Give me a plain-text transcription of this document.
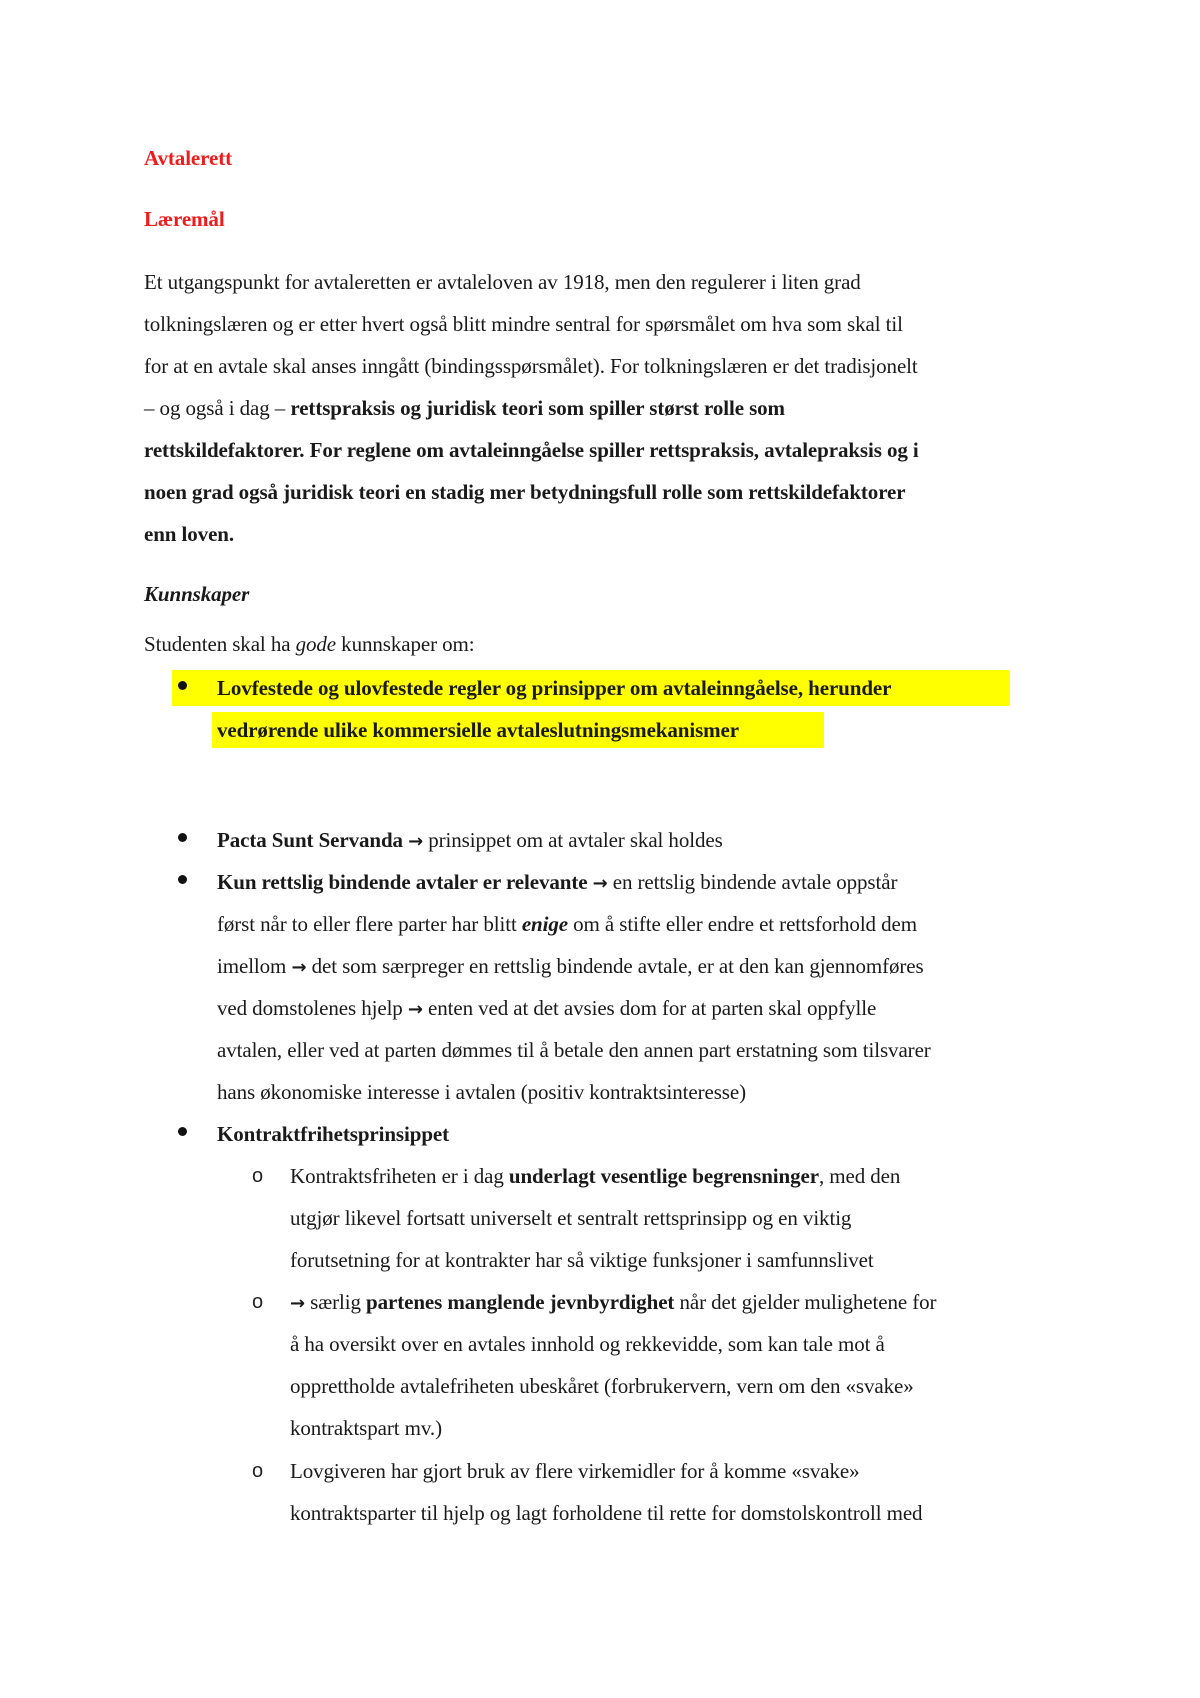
Avtalerett
Læremål
Et utgangspunkt for avtaleretten er avtaleloven av 1918, men den regulerer i liten grad
tolkningslæren og er etter hvert også blitt mindre sentral for spørsmålet om hva som skal til
for at en avtale skal anses inngått (bindingsspørsmålet). For tolkningslæren er det tradisjonelt
– og også i dag – rettspraksis og juridisk teori som spiller størst rolle som
rettskildefaktorer. For reglene om avtaleinngåelse spiller rettspraksis, avtalepraksis og i
noen grad også juridisk teori en stadig mer betydningsfull rolle som rettskildefaktorer
enn loven.
Kunnskaper
Studenten skal ha gode kunnskaper om:
Lovfestede og ulovfestede regler og prinsipper om avtaleinngåelse, herunder
vedrørende ulike kommersielle avtaleslutningsmekanismer
Pacta Sunt Servanda → prinsippet om at avtaler skal holdes
Kun rettslig bindende avtaler er relevante → en rettslig bindende avtale oppstår
først når to eller flere parter har blitt enige om å stifte eller endre et rettsforhold dem
imellom → det som særpreger en rettslig bindende avtale, er at den kan gjennomføres
ved domstolenes hjelp → enten ved at det avsies dom for at parten skal oppfylle
avtalen, eller ved at parten dømmes til å betale den annen part erstatning som tilsvarer
hans økonomiske interesse i avtalen (positiv kontraktsinteresse)
Kontraktfrihetsprinsippet
o Kontraktsfriheten er i dag underlagt vesentlige begrensninger, med den
utgjør likevel fortsatt universelt et sentralt rettsprinsipp og en viktig
forutsetning for at kontrakter har så viktige funksjoner i samfunnslivet
o → særlig partenes manglende jevnbyrdighet når det gjelder mulighetene for
å ha oversikt over en avtales innhold og rekkevidde, som kan tale mot å
opprettholde avtalefriheten ubeskåret (forbrukervern, vern om den «svake»
kontraktspart mv.)
o Lovgiveren har gjort bruk av flere virkemidler for å komme «svake»
kontraktsparter til hjelp og lagt forholdene til rette for domstolskontroll med
